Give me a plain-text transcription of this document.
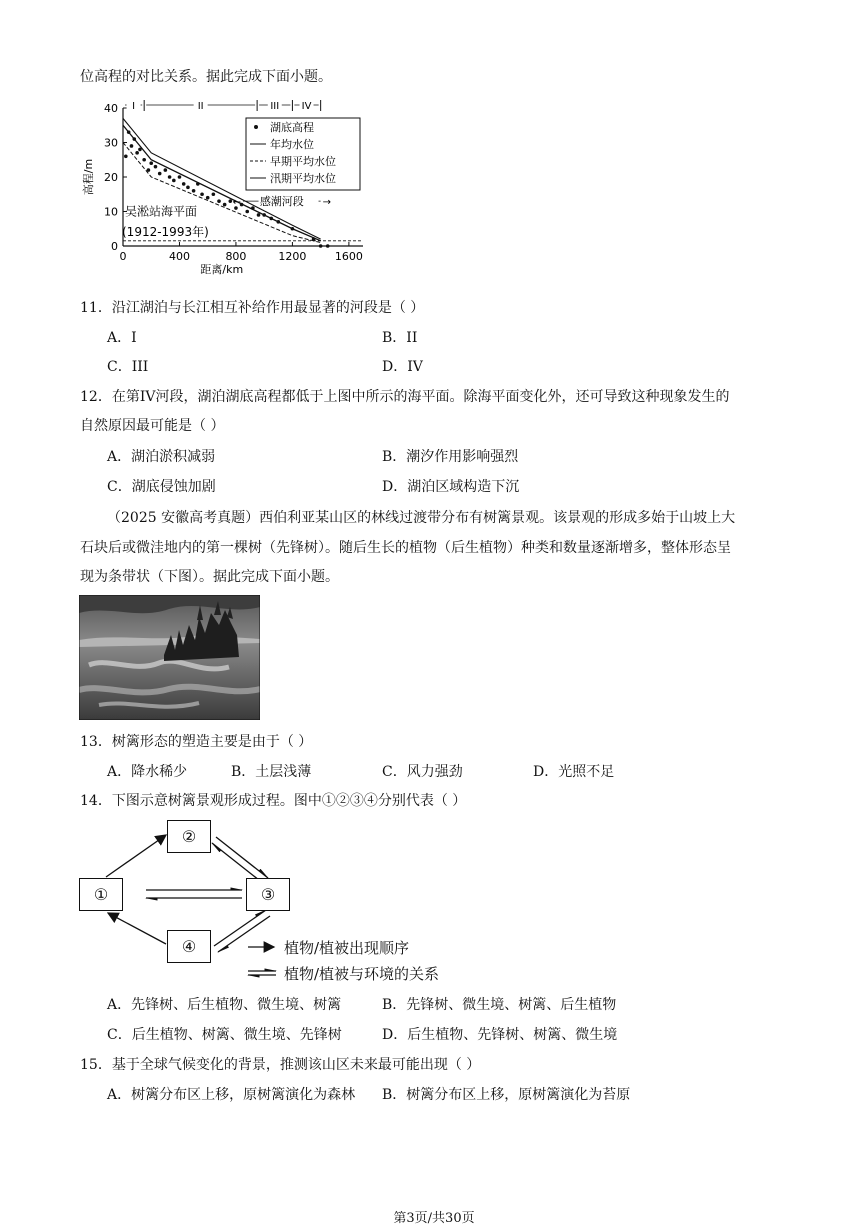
位高程的对比关系。据此完成下面小题。
0
10
20
30
40
0	400	800	1200	1600
高程/m
距离/km
I	II	III IV
湖底高程
年均水位
早期平均水位
汛期平均水位
感潮河段
←	→
吴淞站海平面
(1912-1993年)
11．沿江湖泊与长江相互补给作用最显著的河段是（ ）
A．I	B．II
C．III	D．IV
12．在第IV河段，湖泊湖底高程都低于上图中所示的海平面。除海平面变化外，还可导致这种现象发生的
自然原因最可能是（ ）
A．湖泊淤积减弱	B．潮汐作用影响强烈
C．湖底侵蚀加剧	D．湖泊区域构造下沉
（2025 安徽高考真题）西伯利亚某山区的林线过渡带分布有树篱景观。该景观的形成多始于山坡上大
石块后或微洼地内的第一棵树（先锋树）。随后生长的植物（后生植物）种类和数量逐渐增多，整体形态呈
现为条带状（下图）。据此完成下面小题。
13．树篱形态的塑造主要是由于（ ）
A．降水稀少	B．土层浅薄	C．风力强劲	D．光照不足
14．下图示意树篱景观形成过程。图中①②③④分别代表（ ）
①
②
③
④	植物/植被出现顺序
植物/植被与环境的关系
A．先锋树、后生植物、微生境、树篱	B．先锋树、微生境、树篱、后生植物
C．后生植物、树篱、微生境、先锋树	D．后生植物、先锋树、树篱、微生境
15．基于全球气候变化的背景，推测该山区未来最可能出现（ ）
A．树篱分布区上移，原树篱演化为森林 B．树篱分布区上移，原树篱演化为苔原
第3页/共30页
